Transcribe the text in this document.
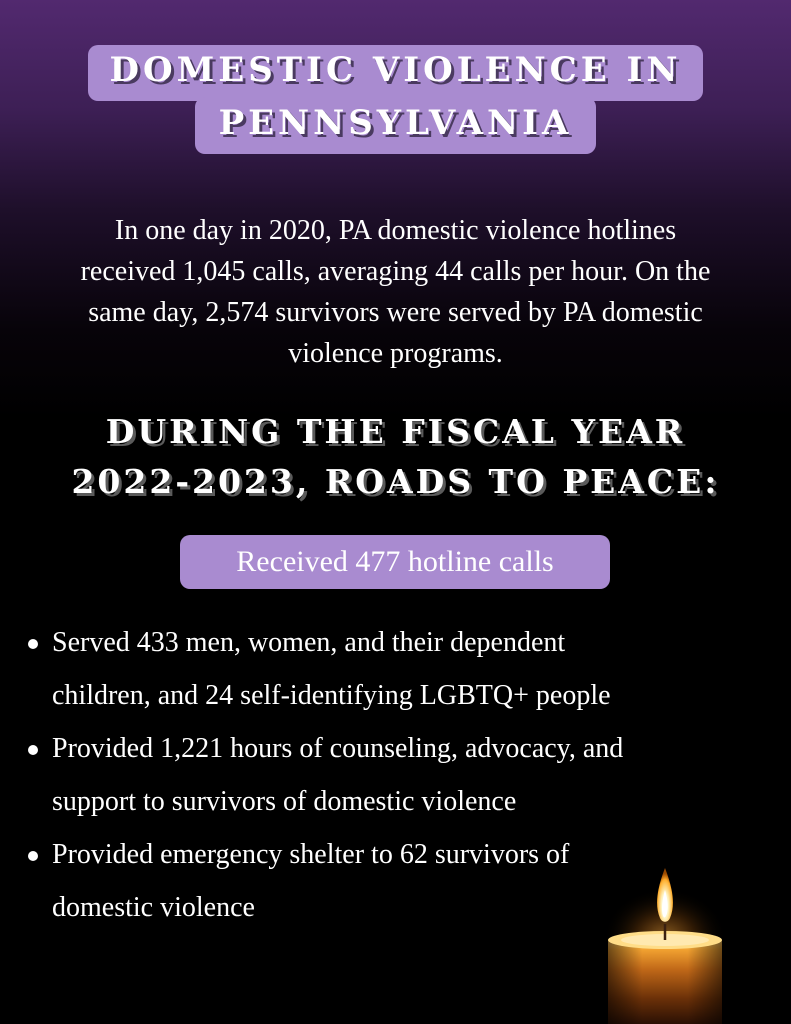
DOMESTIC VIOLENCE IN
PENNSYLVANIA

In one day in 2020, PA domestic violence hotlines
received 1,045 calls, averaging 44 calls per hour. On the
same day, 2,574 survivors were served by PA domestic
violence programs.

DURING THE FISCAL YEAR
2022-2023, ROADS TO PEACE:
Received 477 hotline calls
Served 433 men, women, and their dependent
children, and 24 self-identifying LGBTQ+ people
Provided 1,221 hours of counseling, advocacy, and
support to survivors of domestic violence
Provided emergency shelter to 62 survivors of
domestic violence
